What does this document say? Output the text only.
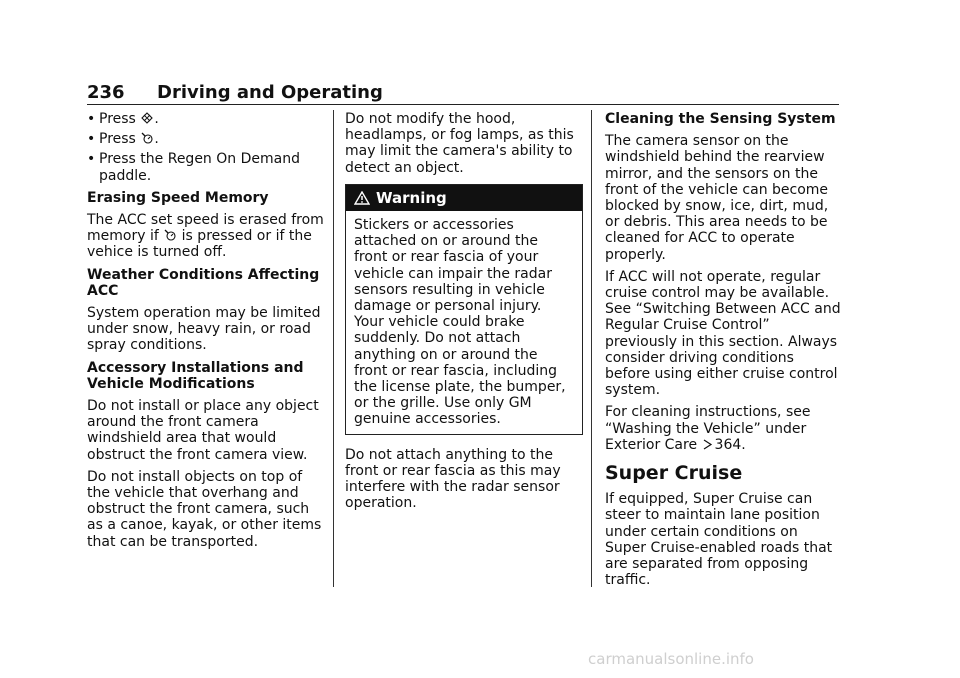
236 Driving and Operating
• Press .
• Press .
• Press the Regen On Demand paddle.
Erasing Speed Memory

The ACC set speed is erased from memory if is pressed or if the vehice is turned off.

Weather Conditions Affecting ACC

System operation may be limited under snow, heavy rain, or road spray conditions.

Accessory Installations and Vehicle Modifications

Do not install or place any object around the front camera windshield area that would obstruct the front camera view.

Do not install objects on top of the vehicle that overhang and obstruct the front camera, such as a canoe, kayak, or other items that can be transported.

Do not modify the hood, headlamps, or fog lamps, as this may limit the camera's ability to detect an object.

Warning
Stickers or accessories attached on or around the front or rear fascia of your vehicle can impair the radar sensors resulting in vehicle damage or personal injury. Your vehicle could brake suddenly. Do not attach anything on or around the front or rear fascia, including the license plate, the bumper, or the grille. Use only GM genuine accessories.

Do not attach anything to the front or rear fascia as this may interfere with the radar sensor operation.

Cleaning the Sensing System

The camera sensor on the windshield behind the rearview mirror, and the sensors on the front of the vehicle can become blocked by snow, ice, dirt, mud, or debris. This area needs to be cleaned for ACC to operate properly.

If ACC will not operate, regular cruise control may be available. See “Switching Between ACC and Regular Cruise Control” previously in this section. Always consider driving conditions before using either cruise control system.

For cleaning instructions, see “Washing the Vehicle” under Exterior Care 364.

Super Cruise

If equipped, Super Cruise can steer to maintain lane position under certain conditions on Super Cruise-enabled roads that are separated from opposing traffic.

carmanualsonline.info
